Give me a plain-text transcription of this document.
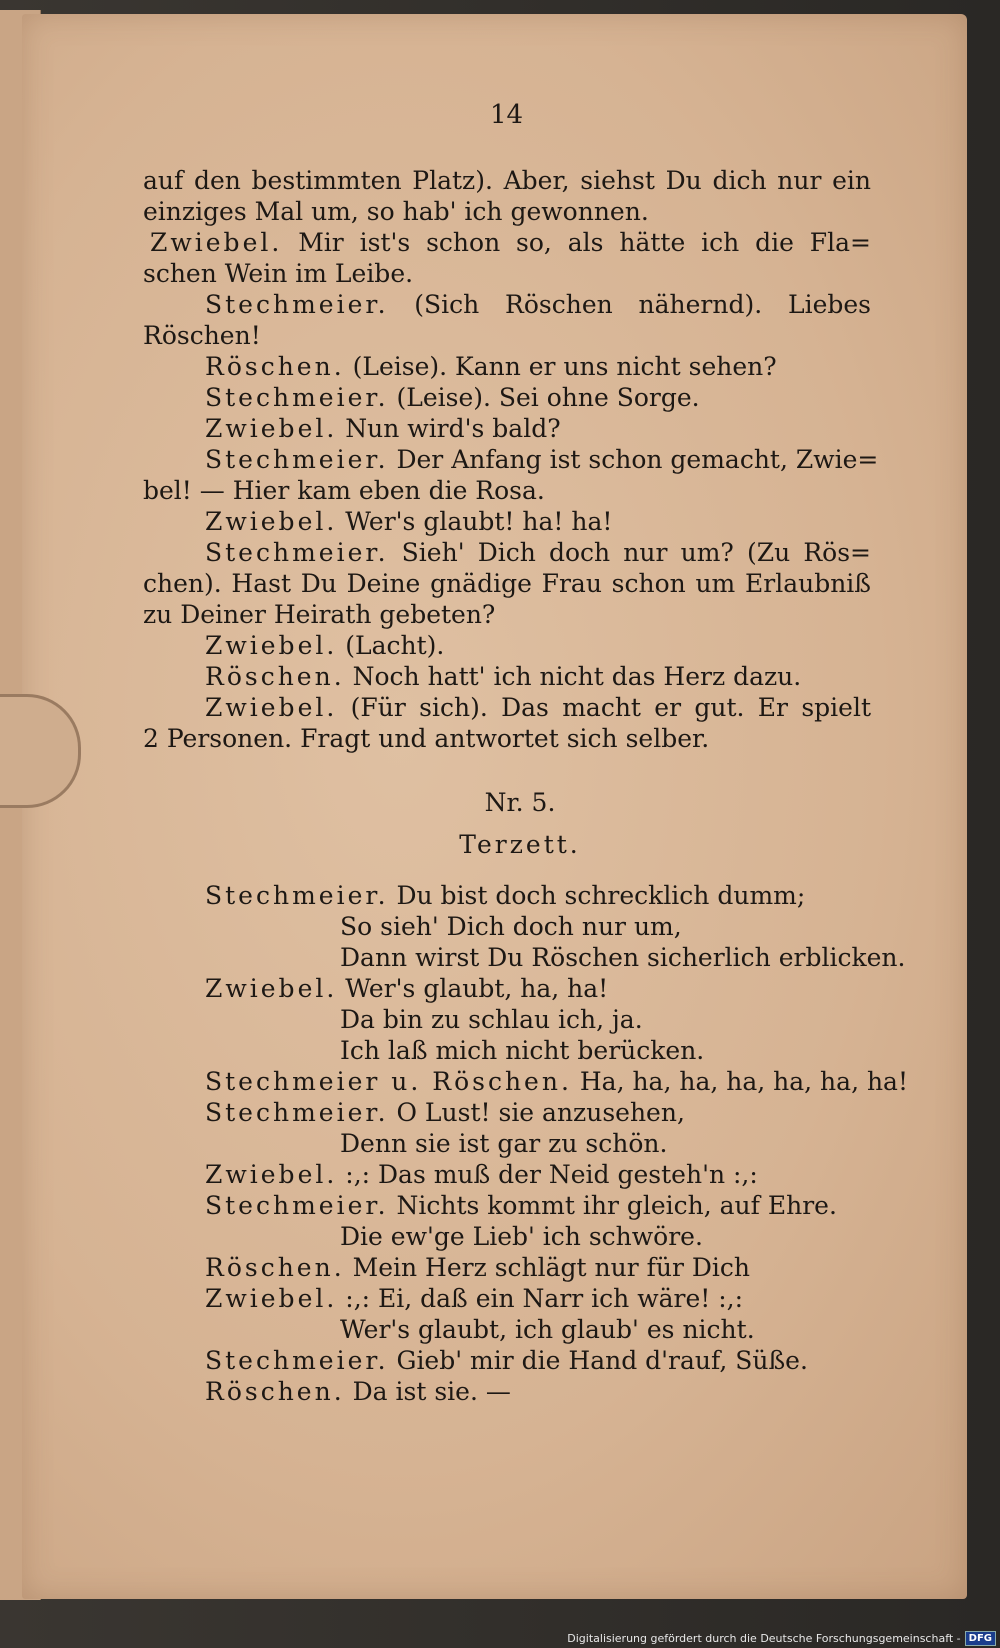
14
auf den bestimmten Platz). Aber, siehst Du dich nur ein
einziges Mal um, so hab' ich gewonnen.
Zwiebel. Mir ist's schon so, als hätte ich die Fla=
schen Wein im Leibe.
Stechmeier. (Sich Röschen nähernd). Liebes
Röschen!
Röschen. (Leise). Kann er uns nicht sehen?
Stechmeier. (Leise). Sei ohne Sorge.
Zwiebel. Nun wird's bald?
Stechmeier. Der Anfang ist schon gemacht, Zwie=
bel! — Hier kam eben die Rosa.
Zwiebel. Wer's glaubt! ha! ha!
Stechmeier. Sieh' Dich doch nur um? (Zu Rös=
chen). Hast Du Deine gnädige Frau schon um Erlaubniß
zu Deiner Heirath gebeten?
Zwiebel. (Lacht).
Röschen. Noch hatt' ich nicht das Herz dazu.
Zwiebel. (Für sich). Das macht er gut. Er spielt
2 Personen. Fragt und antwortet sich selber.
Nr. 5.
Terzett.
Stechmeier. Du bist doch schrecklich dumm;
So sieh' Dich doch nur um,
Dann wirst Du Röschen sicherlich erblicken.
Zwiebel. Wer's glaubt, ha, ha!
Da bin zu schlau ich, ja.
Ich laß mich nicht berücken.
Stechmeier u. Röschen. Ha, ha, ha, ha, ha, ha, ha!
Stechmeier. O Lust! sie anzusehen,
Denn sie ist gar zu schön.
Zwiebel. :,: Das muß der Neid gesteh'n :,:
Stechmeier. Nichts kommt ihr gleich, auf Ehre.
Die ew'ge Lieb' ich schwöre.
Röschen. Mein Herz schlägt nur für Dich
Zwiebel. :,: Ei, daß ein Narr ich wäre! :,:
Wer's glaubt, ich glaub' es nicht.
Stechmeier. Gieb' mir die Hand d'rauf, Süße.
Röschen. Da ist sie. —
Digitalisierung gefördert durch die Deutsche Forschungsgemeinschaft - DFG
